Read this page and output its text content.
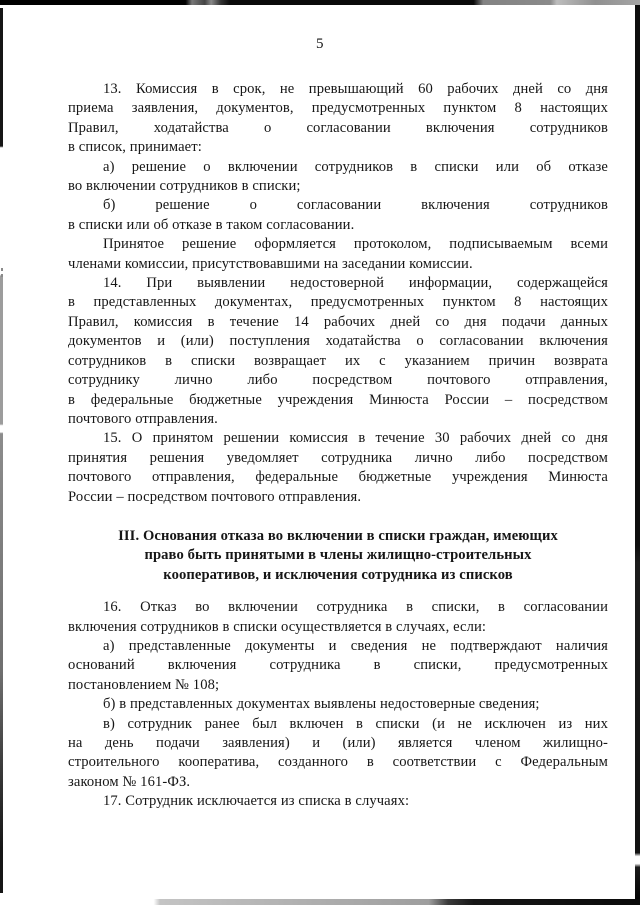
5
13. Комиссия в срок, не превышающий 60 рабочих дней со дня
приема заявления, документов, предусмотренных пунктом 8 настоящих
Правил, ходатайства о согласовании включения сотрудников
в список, принимает:
а) решение о включении сотрудников в списки или об отказе
во включении сотрудников в списки;
б) решение о согласовании включения сотрудников
в списки или об отказе в таком согласовании.
Принятое решение оформляется протоколом, подписываемым всеми
членами комиссии, присутствовавшими на заседании комиссии.
14. При выявлении недостоверной информации, содержащейся
в представленных документах, предусмотренных пунктом 8 настоящих
Правил, комиссия в течение 14 рабочих дней со дня подачи данных
документов и (или) поступления ходатайства о согласовании включения
сотрудников в списки возвращает их с указанием причин возврата
сотруднику лично либо посредством почтового отправления,
в федеральные бюджетные учреждения Минюста России – посредством
почтового отправления.
15. О принятом решении комиссия в течение 30 рабочих дней со дня
принятия решения уведомляет сотрудника лично либо посредством
почтового отправления, федеральные бюджетные учреждения Минюста
России – посредством почтового отправления.
III. Основания отказа во включении в списки граждан, имеющих
право быть принятыми в члены жилищно-строительных
кооперативов, и исключения сотрудника из списков
16. Отказ во включении сотрудника в списки, в согласовании
включения сотрудников в списки осуществляется в случаях, если:
а) представленные документы и сведения не подтверждают наличия
оснований включения сотрудника в списки, предусмотренных
постановлением № 108;
б) в представленных документах выявлены недостоверные сведения;
в) сотрудник ранее был включен в списки (и не исключен из них
на день подачи заявления) и (или) является членом жилищно-
строительного кооператива, созданного в соответствии с Федеральным
законом № 161-ФЗ.
17. Сотрудник исключается из списка в случаях:
